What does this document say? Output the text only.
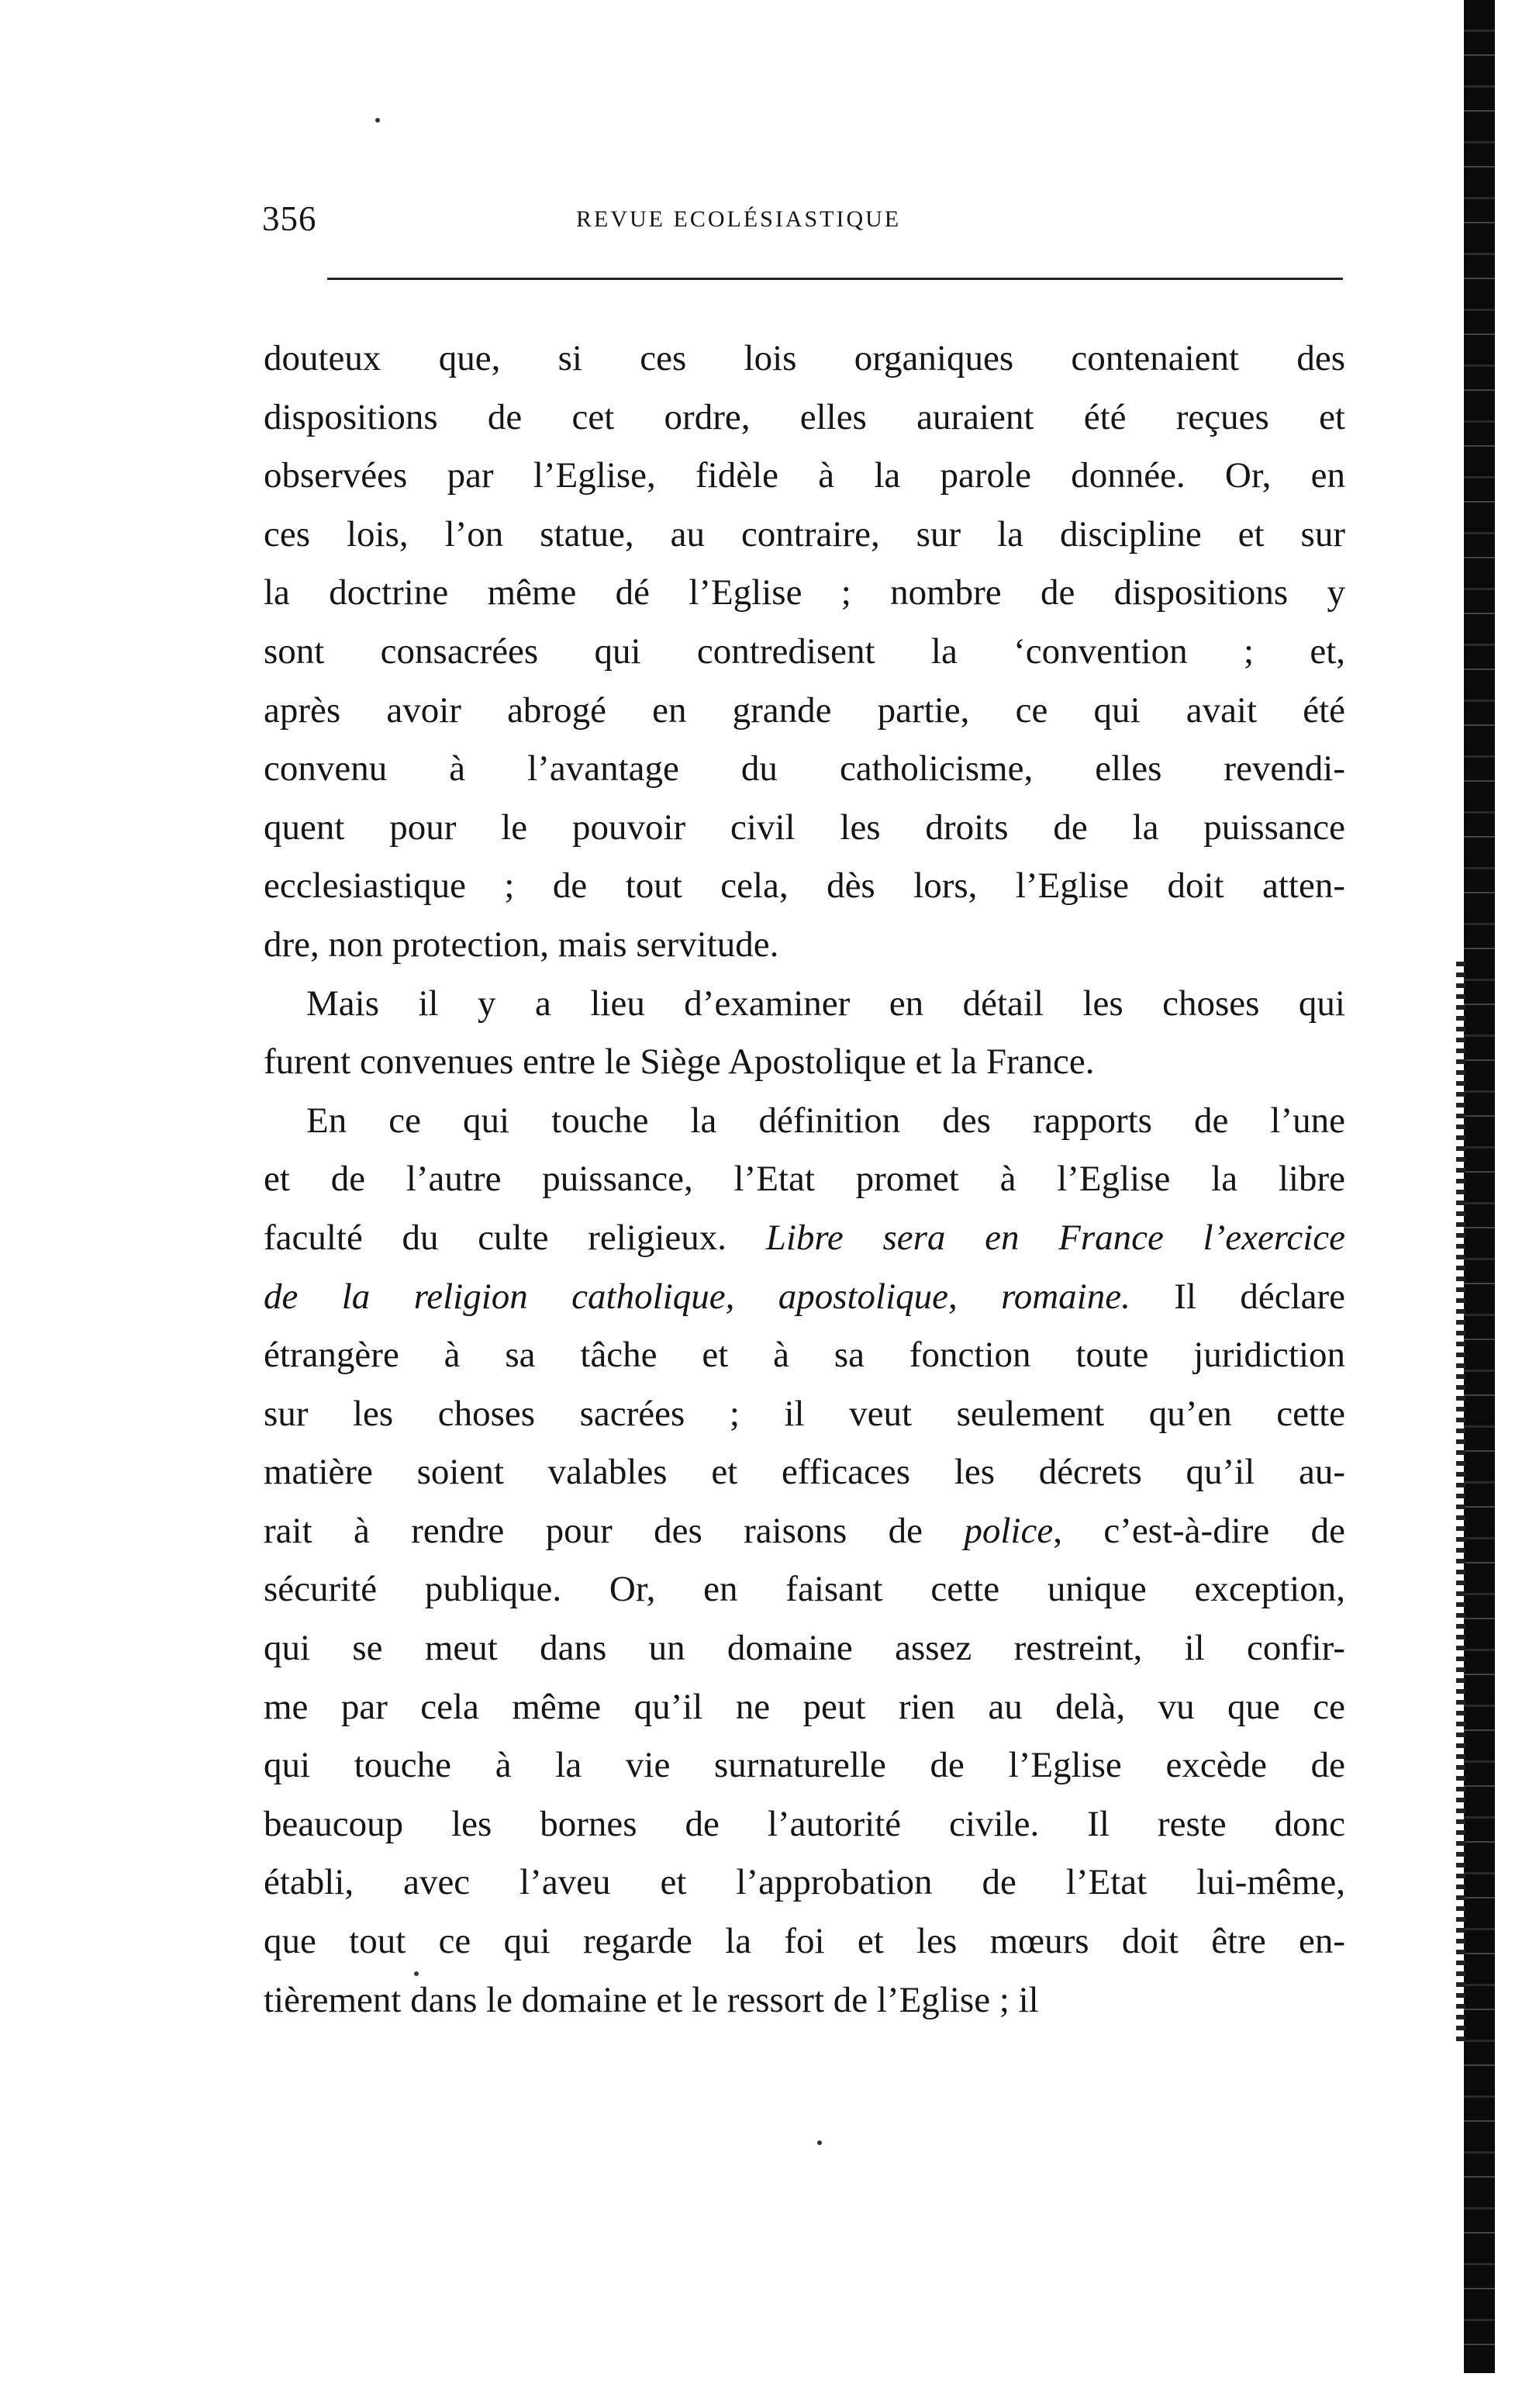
356	REVUE ECOLÉSIASTIQUE
douteux que, si ces lois organiques contenaient des
dispositions de cet ordre, elles auraient été reçues et
observées par l’Eglise, fidèle à la parole donnée. Or, en
ces lois, l’on statue, au contraire, sur la discipline et sur
la doctrine même dé l’Eglise ; nombre de dispositions y
sont consacrées qui contredisent la ‘convention ; et,
après avoir abrogé en grande partie, ce qui avait été
convenu à l’avantage du catholicisme, elles revendi-
quent pour le pouvoir civil les droits de la puissance
ecclesiastique ; de tout cela, dès lors, l’Eglise doit atten-
dre, non protection, mais servitude.
Mais il y a lieu d’examiner en détail les choses qui
furent convenues entre le Siège Apostolique et la France.
En ce qui touche la définition des rapports de l’une
et de l’autre puissance, l’Etat promet à l’Eglise la libre
faculté du culte religieux. Libre sera en France l’exercice
de la religion catholique, apostolique, romaine. Il déclare
étrangère à sa tâche et à sa fonction toute juridiction
sur les choses sacrées ; il veut seulement qu’en cette
matière soient valables et efficaces les décrets qu’il au-
rait à rendre pour des raisons de police, c’est-à-dire de
sécurité publique. Or, en faisant cette unique exception,
qui se meut dans un domaine assez restreint, il confir-
me par cela même qu’il ne peut rien au delà, vu que ce
qui touche à la vie surnaturelle de l’Eglise excède de
beaucoup les bornes de l’autorité civile. Il reste donc
établi, avec l’aveu et l’approbation de l’Etat lui-même,
que tout ce qui regarde la foi et les mœurs doit être en-
tièrement dans le domaine et le ressort de l’Eglise ; il
